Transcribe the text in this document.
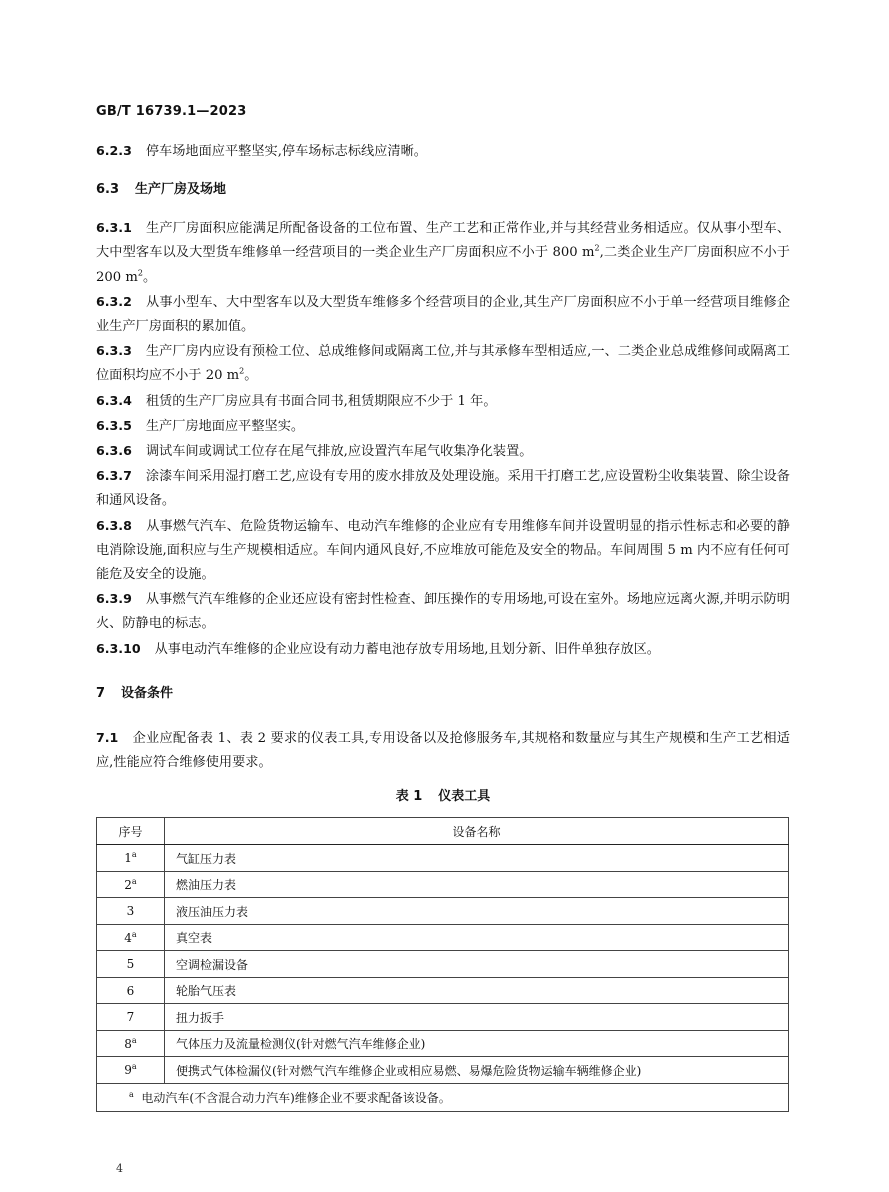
GB/T 16739.1—2023

6.2.3 停车场地面应平整坚实,停车场标志标线应清晰。

6.3 生产厂房及场地

6.3.1 生产厂房面积应能满足所配备设备的工位布置、生产工艺和正常作业,并与其经营业务相适应。仅从事小型车、大中型客车以及大型货车维修单一经营项目的一类企业生产厂房面积应不小于 800 $m^2$,二类企业生产厂房面积应不小于 200 $m^2$。

6.3.2 从事小型车、大中型客车以及大型货车维修多个经营项目的企业,其生产厂房面积应不小于单一经营项目维修企业生产厂房面积的累加值。

6.3.3 生产厂房内应设有预检工位、总成维修间或隔离工位,并与其承修车型相适应,一、二类企业总成维修间或隔离工位面积均应不小于 20 $m^2$。

6.3.4 租赁的生产厂房应具有书面合同书,租赁期限应不少于 1 年。

6.3.5 生产厂房地面应平整坚实。

6.3.6 调试车间或调试工位存在尾气排放,应设置汽车尾气收集净化装置。

6.3.7 涂漆车间采用湿打磨工艺,应设有专用的废水排放及处理设施。采用干打磨工艺,应设置粉尘收集装置、除尘设备和通风设备。

6.3.8 从事燃气汽车、危险货物运输车、电动汽车维修的企业应有专用维修车间并设置明显的指示性标志和必要的静电消除设施,面积应与生产规模相适应。车间内通风良好,不应堆放可能危及安全的物品。车间周围 5 m 内不应有任何可能危及安全的设施。

6.3.9 从事燃气汽车维修的企业还应设有密封性检查、卸压操作的专用场地,可设在室外。场地应远离火源,并明示防明火、防静电的标志。

6.3.10 从事电动汽车维修的企业应设有动力蓄电池存放专用场地,且划分新、旧件单独存放区。

7 设备条件

7.1 企业应配备表 1、表 2 要求的仪表工具,专用设备以及抢修服务车,其规格和数量应与其生产规模和生产工艺相适应,性能应符合维修使用要求。

表 1 仪表工具
序号	设备名称
1$^a$	气缸压力表
2$^a$	燃油压力表
3	液压油压力表
4$^a$	真空表
5	空调检漏设备
6	轮胎气压表
7	扭力扳手
8$^a$	气体压力及流量检测仪(针对燃气汽车维修企业)
9$^a$	便携式气体检漏仪(针对燃气汽车维修企业或相应易燃、易爆危险货物运输车辆维修企业)
$^a$ 电动汽车(不含混合动力汽车)维修企业不要求配备该设备。	
4
